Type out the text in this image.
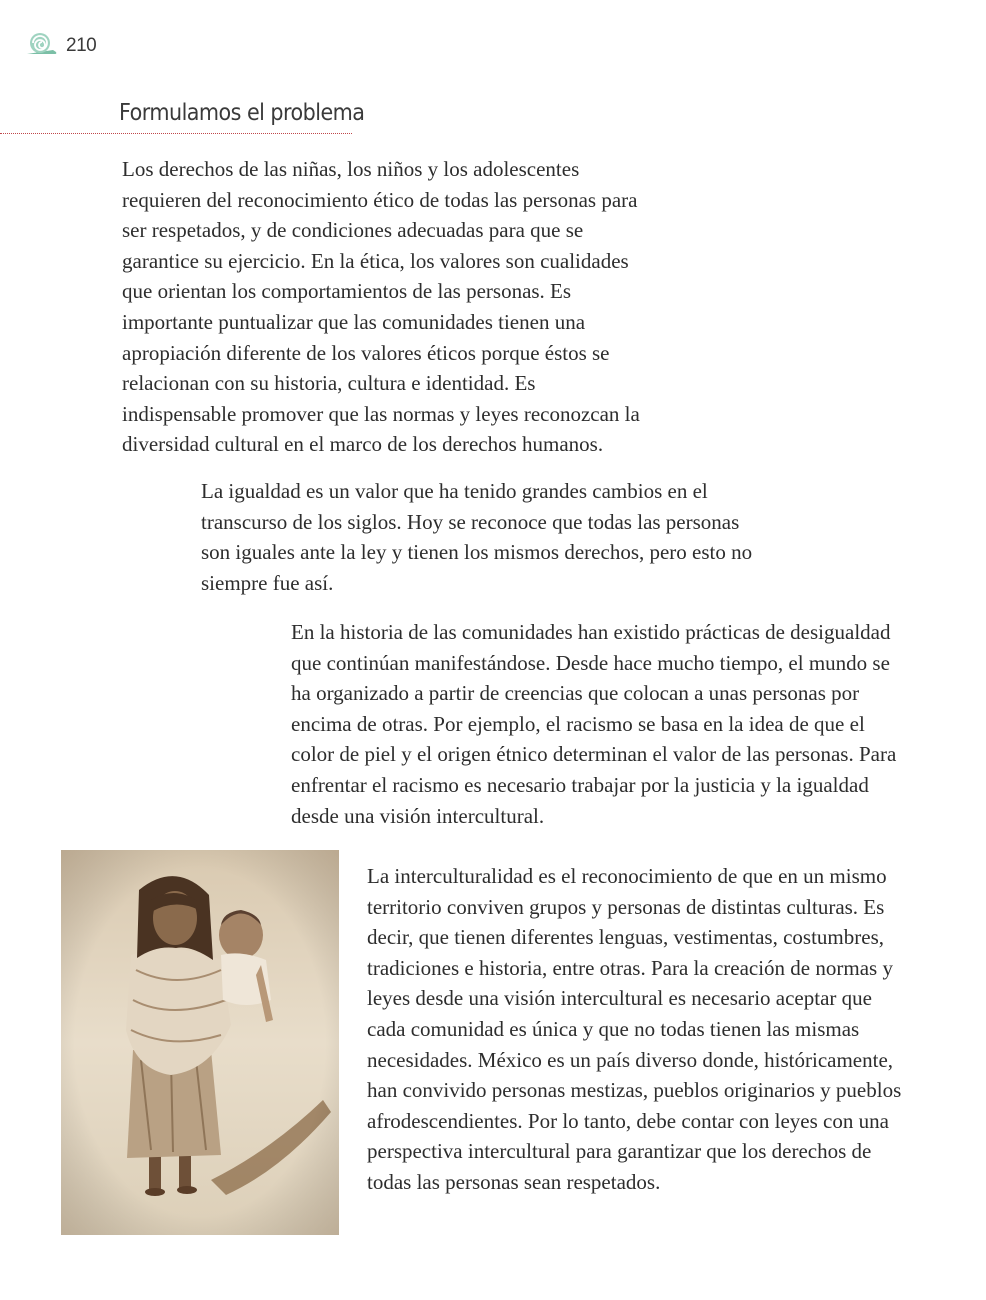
210
Formulamos el problema

Los derechos de las niñas, los niños y los adolescentes requieren del reconocimiento ético de todas las personas para ser respetados, y de condiciones adecuadas para que se garantice su ejercicio. En la ética, los valores son cualidades que orientan los comportamientos de las personas. Es importante puntualizar que las comunidades tienen una apropiación diferente de los valores éticos porque éstos se relacionan con su historia, cultura e identidad. Es indispensable promover que las normas y leyes reconozcan la diversidad cultural en el marco de los derechos humanos.

La igualdad es un valor que ha tenido grandes cambios en el transcurso de los siglos. Hoy se reconoce que todas las personas son iguales ante la ley y tienen los mismos derechos, pero esto no siempre fue así.

En la historia de las comunidades han existido prácticas de desigualdad que continúan manifestándose. Desde hace mucho tiempo, el mundo se ha organizado a partir de creencias que colocan a unas personas por encima de otras. Por ejemplo, el racismo se basa en la idea de que el color de piel y el origen étnico determinan el valor de las personas. Para enfrentar el racismo es necesario trabajar por la justicia y la igualdad desde una visión intercultural.

La interculturalidad es el reconocimiento de que en un mismo territorio conviven grupos y personas de distintas culturas. Es decir, que tienen diferentes lenguas, vestimentas, costumbres, tradiciones e historia, entre otras. Para la creación de normas y leyes desde una visión intercultural es necesario aceptar que cada comunidad es única y que no todas tienen las mismas necesidades. México es un país diverso donde, históricamente, han convivido personas mestizas, pueblos originarios y pueblos afrodescendientes. Por lo tanto, debe contar con leyes con una perspectiva intercultural para garantizar que los derechos de todas las personas sean respetados.
